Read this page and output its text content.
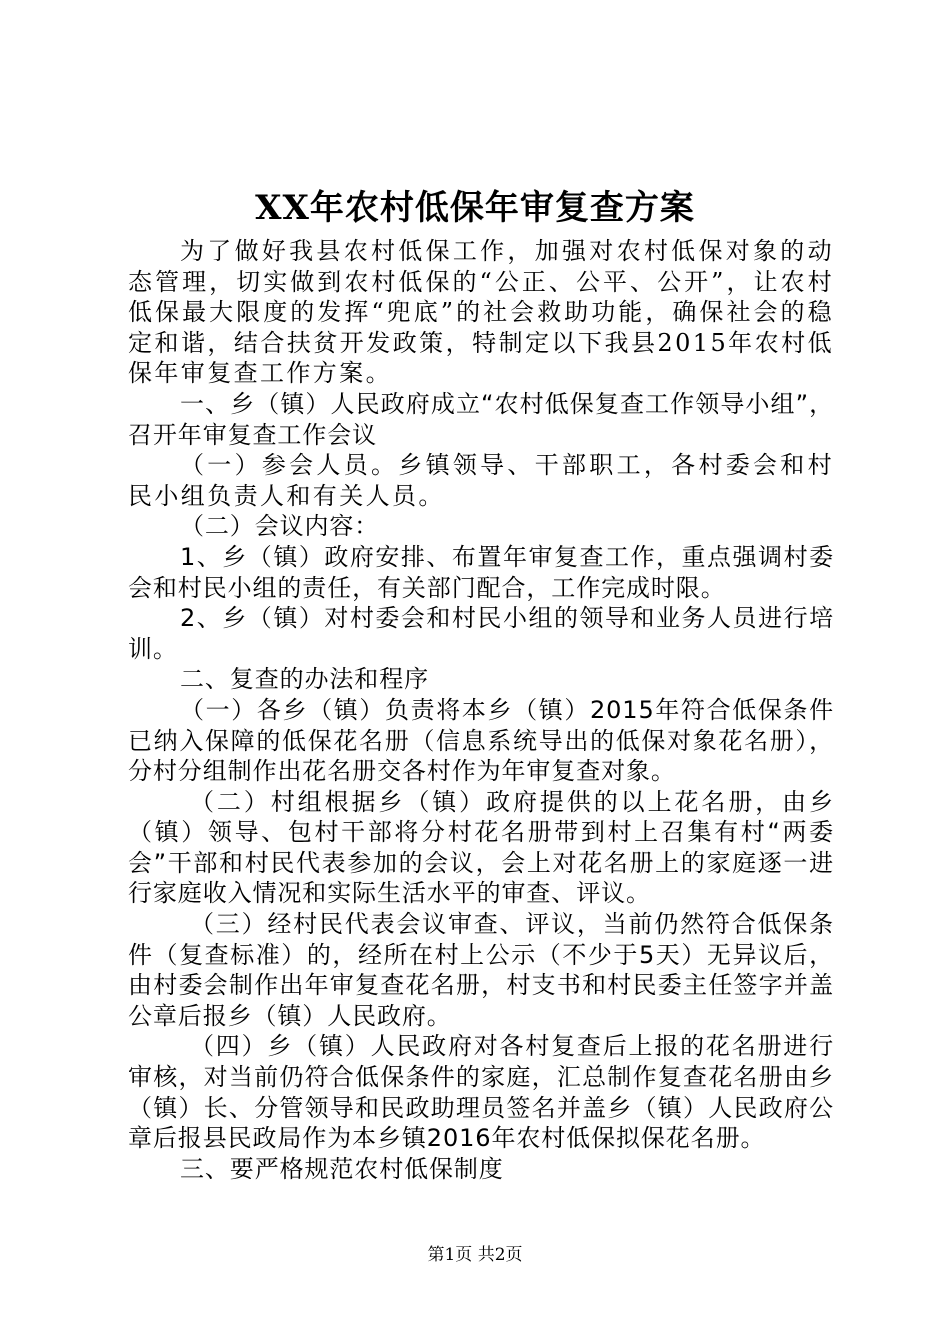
XX年农村低保年审复查方案

为了做好我县农村低保工作，加强对农村低保对象的动态管理，切实做到农村低保的“公正、公平、公开”，让农村低保最大限度的发挥“兜底”的社会救助功能，确保社会的稳定和谐，结合扶贫开发政策，特制定以下我县2015年农村低保年审复查工作方案。

一、乡（镇）人民政府成立“农村低保复查工作领导小组”，召开年审复查工作会议

（一）参会人员。乡镇领导、干部职工，各村委会和村民小组负责人和有关人员。

（二）会议内容：

1、乡（镇）政府安排、布置年审复查工作，重点强调村委会和村民小组的责任，有关部门配合，工作完成时限。

2、乡（镇）对村委会和村民小组的领导和业务人员进行培训。

二、复查的办法和程序

（一）各乡（镇）负责将本乡（镇）2015年符合低保条件已纳入保障的低保花名册（信息系统导出的低保对象花名册），分村分组制作出花名册交各村作为年审复查对象。

（二）村组根据乡（镇）政府提供的以上花名册，由乡（镇）领导、包村干部将分村花名册带到村上召集有村“两委会”干部和村民代表参加的会议，会上对花名册上的家庭逐一进行家庭收入情况和实际生活水平的审查、评议。

（三）经村民代表会议审查、评议，当前仍然符合低保条件（复查标准）的，经所在村上公示（不少于5天）无异议后，由村委会制作出年审复查花名册，村支书和村民委主任签字并盖公章后报乡（镇）人民政府。

（四）乡（镇）人民政府对各村复查后上报的花名册进行审核，对当前仍符合低保条件的家庭，汇总制作复查花名册由乡（镇）长、分管领导和民政助理员签名并盖乡（镇）人民政府公章后报县民政局作为本乡镇2016年农村低保拟保花名册。

三、要严格规范农村低保制度

第1页 共2页
